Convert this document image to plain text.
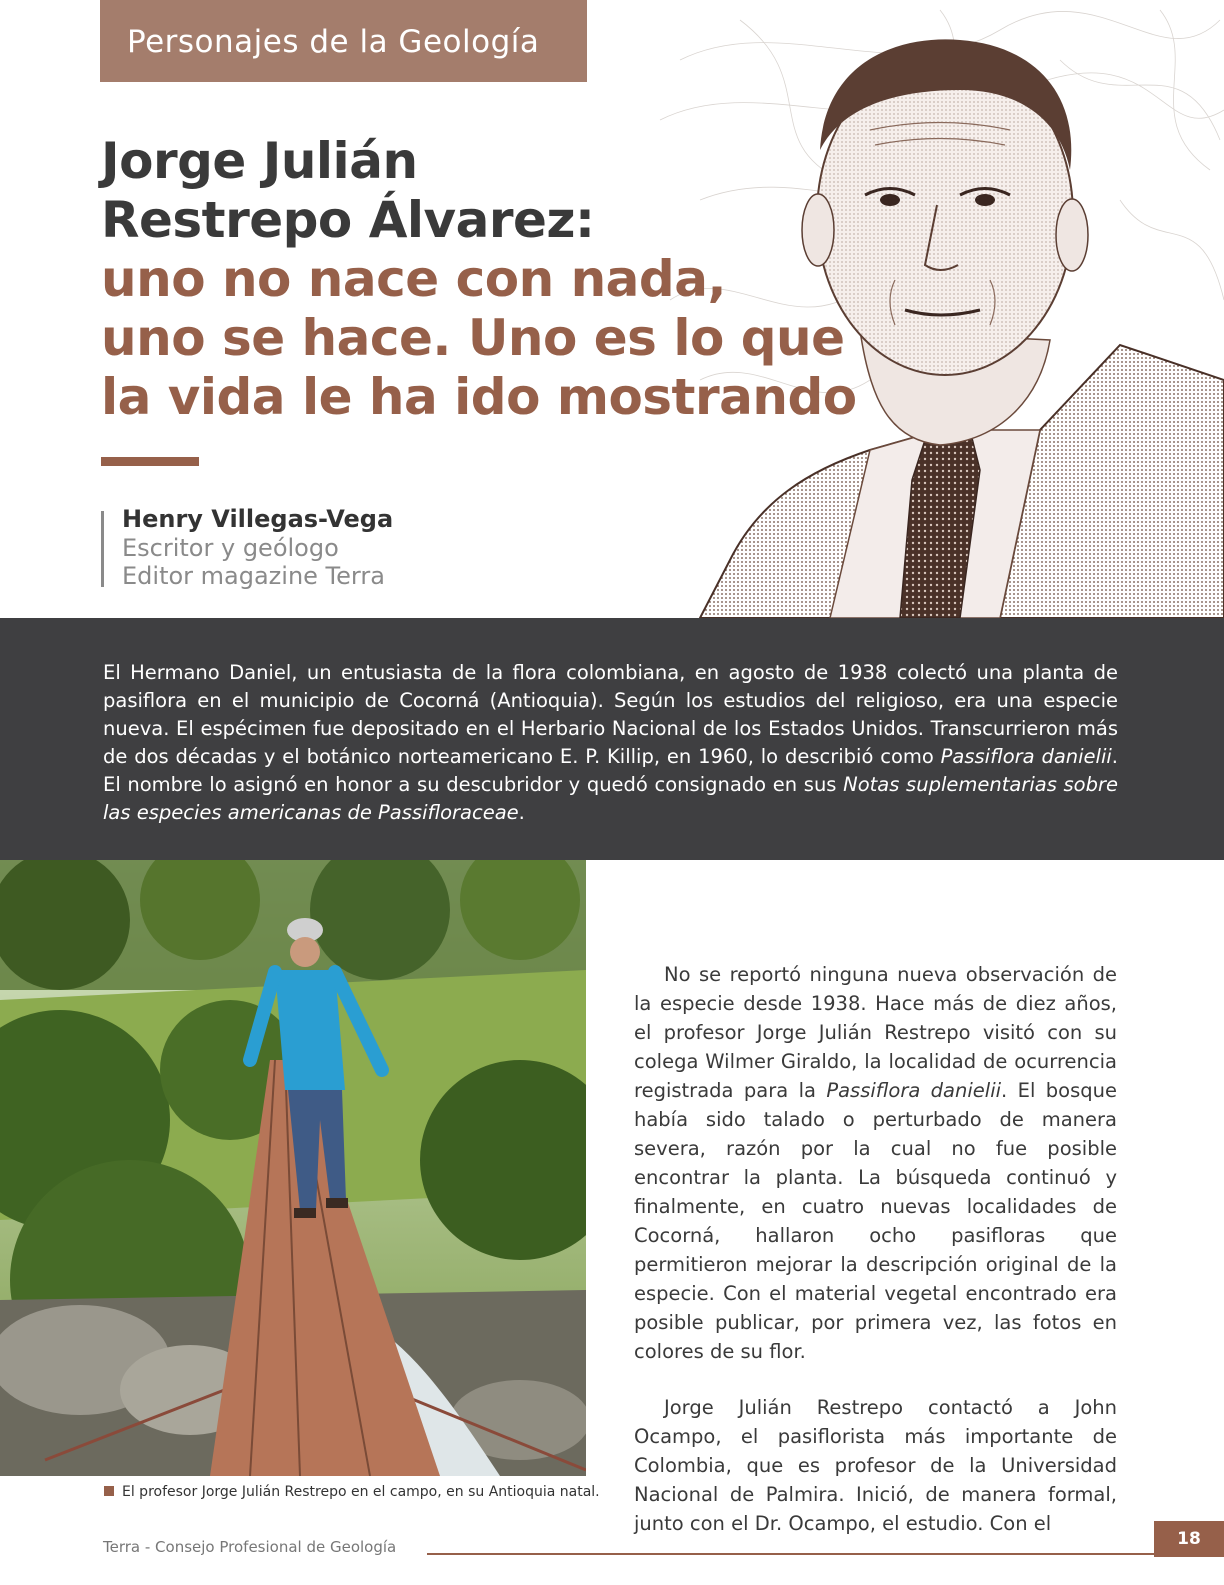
Personajes de la Geología
Jorge Julián
Restrepo Álvarez:
uno no nace con nada,
uno se hace. Uno es lo que
la vida le ha ido mostrando
Henry Villegas-Vega
Escritor y geólogo
Editor magazine Terra
El Hermano Daniel, un entusiasta de la flora colombiana, en agosto de 1938 colectó una planta de pasiflora en el municipio de Cocorná (Antioquia). Según los estudios del religioso, era una especie nueva. El espécimen fue depositado en el Herbario Nacional de los Estados Unidos. Transcurrieron más de dos décadas y el botánico norteamericano E. P. Killip, en 1960, lo describió como Passiflora danielii. El nombre lo asignó en honor a su descubridor y quedó consignado en sus Notas suplementarias sobre las especies americanas de Passifloraceae.
El profesor Jorge Julián Restrepo en el campo, en su Antioquia natal.

No se reportó ninguna nueva observación de la especie desde 1938. Hace más de diez años, el profesor Jorge Julián Restrepo visitó con su colega Wilmer Giraldo, la localidad de ocurrencia registrada para la Passiflora danielii. El bosque había sido talado o perturbado de manera severa, razón por la cual no fue posible encontrar la planta. La búsqueda continuó y finalmente, en cuatro nuevas localidades de Cocorná, hallaron ocho pasifloras que permitieron mejorar la descripción original de la especie. Con el material vegetal encontrado era posible publicar, por primera vez, las fotos en colores de su flor.

Jorge Julián Restrepo contactó a John Ocampo, el pasiflorista más importante de Colombia, que es profesor de la Universidad Nacional de Palmira. Inició, de manera formal, junto con el Dr. Ocampo, el estudio. Con el

Terra - Consejo Profesional de Geología	18
